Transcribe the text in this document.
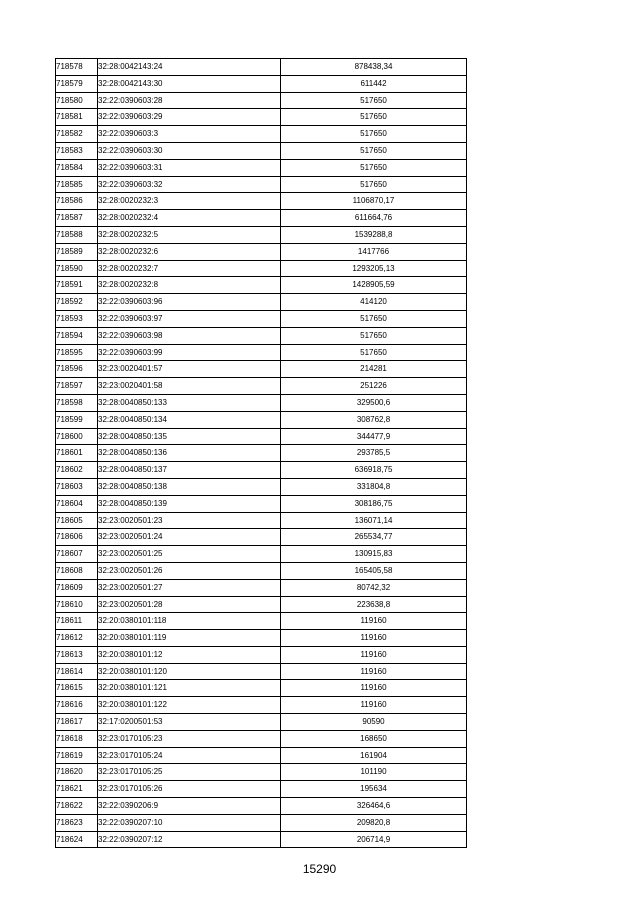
718578	32:28:0042143:24	878438,34
718579	32:28:0042143:30	611442
718580	32:22:0390603:28	517650
718581	32:22:0390603:29	517650
718582	32:22:0390603:3	517650
718583	32:22:0390603:30	517650
718584	32:22:0390603:31	517650
718585	32:22:0390603:32	517650
718586	32:28:0020232:3	1106870,17
718587	32:28:0020232:4	611664,76
718588	32:28:0020232:5	1539288,8
718589	32:28:0020232:6	1417766
718590	32:28:0020232:7	1293205,13
718591	32:28:0020232:8	1428905,59
718592	32:22:0390603:96	414120
718593	32:22:0390603:97	517650
718594	32:22:0390603:98	517650
718595	32:22:0390603:99	517650
718596	32:23:0020401:57	214281
718597	32:23:0020401:58	251226
718598	32:28:0040850:133	329500,6
718599	32:28:0040850:134	308762,8
718600	32:28:0040850:135	344477,9
718601	32:28:0040850:136	293785,5
718602	32:28:0040850:137	636918,75
718603	32:28:0040850:138	331804,8
718604	32:28:0040850:139	308186,75
718605	32:23:0020501:23	136071,14
718606	32:23:0020501:24	265534,77
718607	32:23:0020501:25	130915,83
718608	32:23:0020501:26	165405,58
718609	32:23:0020501:27	80742,32
718610	32:23:0020501:28	223638,8
718611	32:20:0380101:118	119160
718612	32:20:0380101:119	119160
718613	32:20:0380101:12	119160
718614	32:20:0380101:120	119160
718615	32:20:0380101:121	119160
718616	32:20:0380101:122	119160
718617	32:17:0200501:53	90590
718618	32:23:0170105:23	168650
718619	32:23:0170105:24	161904
718620	32:23:0170105:25	101190
718621	32:23:0170105:26	195634
718622	32:22:0390206:9	326464,6
718623	32:22:0390207:10	209820,8
718624	32:22:0390207:12	206714,9
15290
